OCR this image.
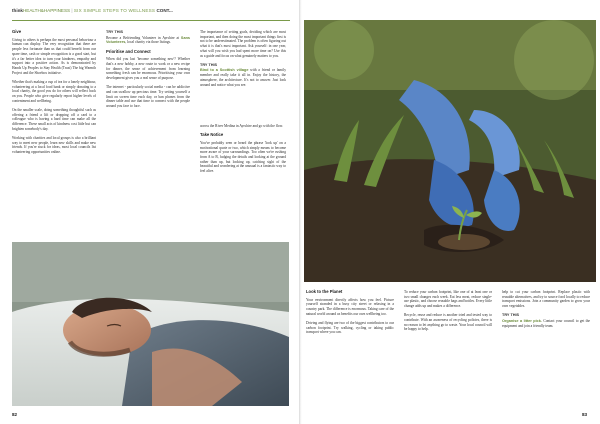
thinkHEALTH&HAPPINESS | SIX SIMPLE STEPS TO WELLNESS CONT...
Give

Giving to others is perhaps the most personal behaviour a human can display. The very recognition that there are people less fortunate than us that could benefit from our spare time, cash or simple recognition is a good start, but it's a far better idea to turn your kindness, empathy and support into a positive action. As is demonstrated by Hands Up Peoples to Stay Health (Trust) The big Warmth Project and the Shoebox initiative.

Whether that's making a cup of tea for a lonely neighbour, volunteering at a local food bank or simply donating to a local charity, the good you do for others will reflect back on you. People who give regularly report higher levels of contentment and wellbeing.

On the smaller scale, doing something thoughtful such as offering a friend a lift or dropping off a card to a colleague who is having a hard time can make all the difference. These small acts of kindness cost little but can brighten somebody's day.

Working with charities and local groups is also a brilliant way to meet new people, learn new skills and make new friends. If you're stuck for ideas, most local councils list volunteering opportunities online.

TRY THIS

Become a Befriending Volunteer in Ayrshire at Sans Volunteers, local charity via those listings.

Prioritise and Connect

When did you last 'become something new'? Whether that's a new hobby, a new route to work or a new recipe for dinner, the sense of achievement from learning something fresh can be enormous. Prioritising your own development gives you a real sense of purpose.

The internet - particularly social media - can be addictive and can swallow up precious time. Try setting yourself a limit on screen time each day, or ban phones from the dinner table and use that time to connect with the people around you face to face.

The importance of setting goals, deciding which are most important, and then doing the most important things first is not to be underestimated. The problem is often figuring out what it is that's most important. Ask yourself: in one year, what will you wish you had spent more time on? Use this as a guide and focus on what genuinely matters to you.

TRY THIS

Bind to a Scottish village with a friend or family member and really take it all in. Enjoy the history, the atmosphere, the architecture. It's not to answer. Just look around and notice what you see.

across the River Medina in Ayrshire and go with the flow.

Take Notice

You've probably seen or heard the phrase 'look up' on a motivational quote or two, which simply means to become more aware of your surroundings. Too often we're rushing from A to B, fudging the details and looking at the ground rather than up, but looking up, catching sight of the beautiful and wondering at the unusual is a fantastic way to feel alive.

Look to the Planet

Your environment directly affects how you feel. Picture yourself stranded in a busy city street or relaxing in a country park. The difference is enormous. Taking care of the natural world around us benefits our own wellbeing too.

Driving and flying are two of the biggest contributors to our carbon footprint. Try walking, cycling or taking public transport where you can.

To reduce your carbon footprint, like one of at least one or two small changes each week. Eat less meat, reduce single-use plastic, and choose reusable bags and bottles. Every little change adds up and makes a difference.

Recycle, reuse and reduce is another tried and tested way to contribute. With an awareness of recycling policies, there is no reason to let anything go to waste. Your local council will be happy to help.

help to cut your carbon footprint. Replace plastic with reusable alternatives, and try to source food locally to reduce transport emissions. Join a community garden to grow your own vegetables.

TRY THIS

Organise a litter pick. Contact your council to get the equipment and join a friendly team.

82	83
